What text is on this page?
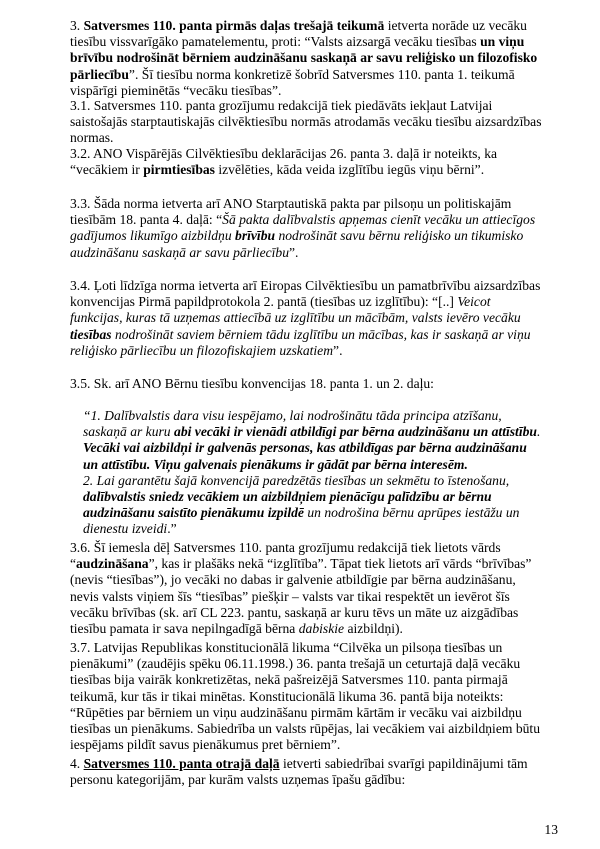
3. Satversmes 110. panta pirmās daļas trešajā teikumā ietverta norāde uz vecāku tiesību vissvarīgāko pamatelementu, proti: “Valsts aizsargā vecāku tiesības un viņu brīvību nodrošināt bērniem audzināšanu saskaņā ar savu reliģisko un filozofisko pārliecību”. Šī tiesību norma konkretizē šobrīd Satversmes 110. panta 1. teikumā vispārīgi pieminētās “vecāku tiesības”.

3.1. Satversmes 110. panta grozījumu redakcijā tiek piedāvāts iekļaut Latvijai saistošajās starptautiskajās cilvēktiesību normās atrodamās vecāku tiesību aizsardzības normas.

3.2. ANO Vispārējās Cilvēktiesību deklarācijas 26. panta 3. daļā ir noteikts, ka “vecākiem ir pirmtiesības izvēlēties, kāda veida izglītību iegūs viņu bērni”.

3.3. Šāda norma ietverta arī ANO Starptautiskā pakta par pilsoņu un politiskajām tiesībām 18. panta 4. daļā: “Šā pakta dalībvalstis apņemas cienīt vecāku un attiecīgos gadījumos likumīgo aizbildņu brīvību nodrošināt savu bērnu reliģisko un tikumisko audzināšanu saskaņā ar savu pārliecību”.

3.4. Ļoti līdzīga norma ietverta arī Eiropas Cilvēktiesību un pamatbrīvību aizsardzības konvencijas Pirmā papildprotokola 2. pantā (tiesības uz izglītību): “[..] Veicot funkcijas, kuras tā uzņemas attiecībā uz izglītību un mācībām, valsts ievēro vecāku tiesības nodrošināt saviem bērniem tādu izglītību un mācības, kas ir saskaņā ar viņu reliģisko pārliecību un filozofiskajiem uzskatiem”.

3.5. Sk. arī ANO Bērnu tiesību konvencijas 18. panta 1. un 2. daļu:

“1. Dalībvalstis dara visu iespējamo, lai nodrošinātu tāda principa atzīšanu, saskaņā ar kuru abi vecāki ir vienādi atbildīgi par bērna audzināšanu un attīstību. Vecāki vai aizbildņi ir galvenās personas, kas atbildīgas par bērna audzināšanu un attīstību. Viņu galvenais pienākums ir gādāt par bērna interesēm.
2. Lai garantētu šajā konvencijā paredzētās tiesības un sekmētu to īstenošanu, dalībvalstis sniedz vecākiem un aizbildņiem pienācīgu palīdzību ar bērnu audzināšanu saistīto pienākumu izpildē un nodrošina bērnu aprūpes iestāžu un dienestu izveidi.”

3.6. Šī iemesla dēļ Satversmes 110. panta grozījumu redakcijā tiek lietots vārds “audzināšana”, kas ir plašāks nekā “izglītība”. Tāpat tiek lietots arī vārds “brīvības” (nevis “tiesības”), jo vecāki no dabas ir galvenie atbildīgie par bērna audzināšanu, nevis valsts viņiem šīs “tiesības” piešķir – valsts var tikai respektēt un ievērot šīs vecāku brīvības (sk. arī CL 223. pantu, saskaņā ar kuru tēvs un māte uz aizgādības tiesību pamata ir sava nepilngadīgā bērna dabiskie aizbildņi).

3.7. Latvijas Republikas konstitucionālā likuma “Cilvēka un pilsoņa tiesības un pienākumi” (zaudējis spēku 06.11.1998.) 36. panta trešajā un ceturtajā daļā vecāku tiesības bija vairāk konkretizētas, nekā pašreizējā Satversmes 110. panta pirmajā teikumā, kur tās ir tikai minētas. Konstitucionālā likuma 36. pantā bija noteikts: “Rūpēties par bērniem un viņu audzināšanu pirmām kārtām ir vecāku vai aizbildņu tiesības un pienākums. Sabiedrība un valsts rūpējas, lai vecākiem vai aizbildņiem būtu iespējams pildīt savus pienākumus pret bērniem”.

4. Satversmes 110. panta otrajā daļā ietverti sabiedrībai svarīgi papildinājumi tām personu kategorijām, par kurām valsts uzņemas īpašu gādību:

13
